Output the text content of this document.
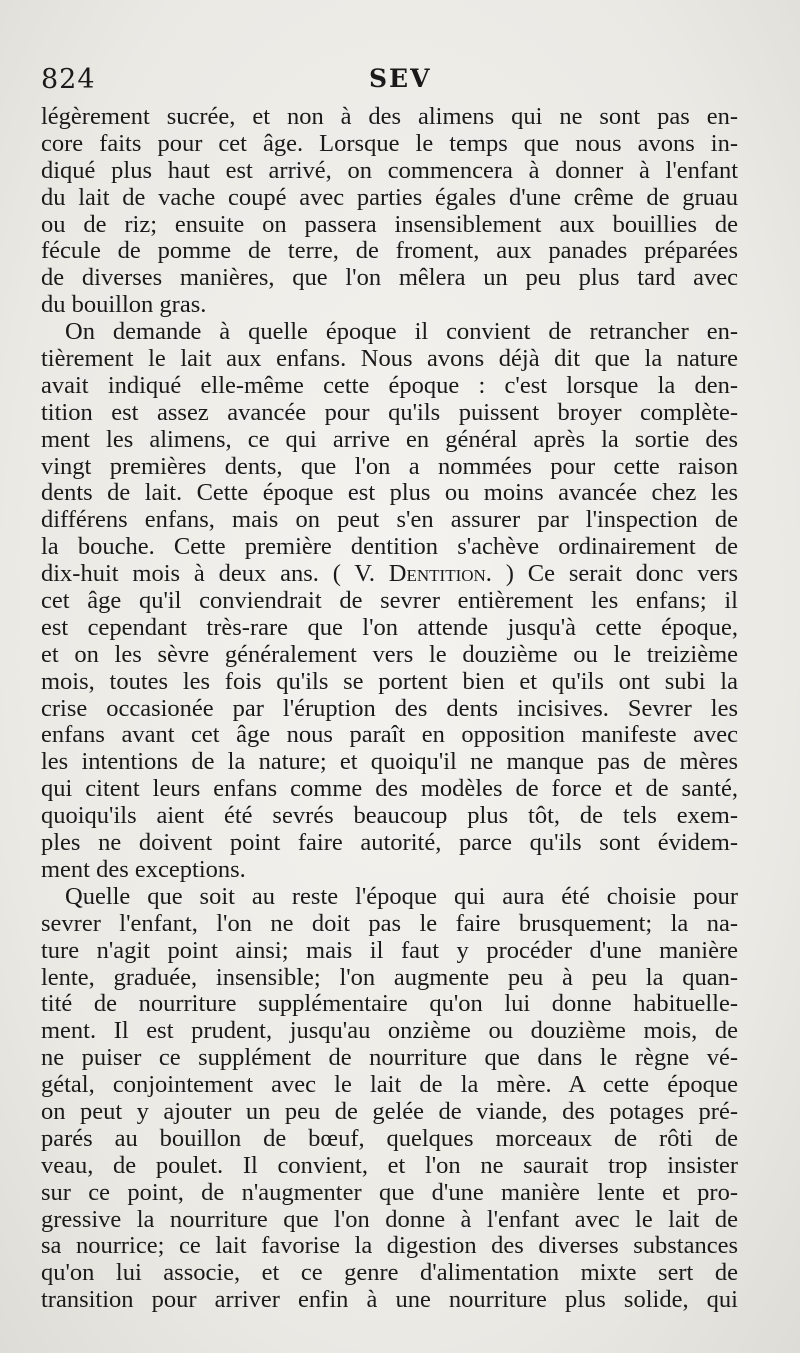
824	SEV
légèrement sucrée, et non à des alimens qui ne sont pas en-
core faits pour cet âge. Lorsque le temps que nous avons in-
diqué plus haut est arrivé, on commencera à donner à l'enfant
du lait de vache coupé avec parties égales d'une crême de gruau
ou de riz; ensuite on passera insensiblement aux bouillies de
fécule de pomme de terre, de froment, aux panades préparées
de diverses manières, que l'on mêlera un peu plus tard avec
du bouillon gras.
On demande à quelle époque il convient de retrancher en-
tièrement le lait aux enfans. Nous avons déjà dit que la nature
avait indiqué elle-même cette époque : c'est lorsque la den-
tition est assez avancée pour qu'ils puissent broyer complète-
ment les alimens, ce qui arrive en général après la sortie des
vingt premières dents, que l'on a nommées pour cette raison
dents de lait. Cette époque est plus ou moins avancée chez les
différens enfans, mais on peut s'en assurer par l'inspection de
la bouche. Cette première dentition s'achève ordinairement de
dix-huit mois à deux ans. ( V. Dentition. ) Ce serait donc vers
cet âge qu'il conviendrait de sevrer entièrement les enfans; il
est cependant très-rare que l'on attende jusqu'à cette époque,
et on les sèvre généralement vers le douzième ou le treizième
mois, toutes les fois qu'ils se portent bien et qu'ils ont subi la
crise occasionée par l'éruption des dents incisives. Sevrer les
enfans avant cet âge nous paraît en opposition manifeste avec
les intentions de la nature; et quoiqu'il ne manque pas de mères
qui citent leurs enfans comme des modèles de force et de santé,
quoiqu'ils aient été sevrés beaucoup plus tôt, de tels exem-
ples ne doivent point faire autorité, parce qu'ils sont évidem-
ment des exceptions.
Quelle que soit au reste l'époque qui aura été choisie pour
sevrer l'enfant, l'on ne doit pas le faire brusquement; la na-
ture n'agit point ainsi; mais il faut y procéder d'une manière
lente, graduée, insensible; l'on augmente peu à peu la quan-
tité de nourriture supplémentaire qu'on lui donne habituelle-
ment. Il est prudent, jusqu'au onzième ou douzième mois, de
ne puiser ce supplément de nourriture que dans le règne vé-
gétal, conjointement avec le lait de la mère. A cette époque
on peut y ajouter un peu de gelée de viande, des potages pré-
parés au bouillon de bœuf, quelques morceaux de rôti de
veau, de poulet. Il convient, et l'on ne saurait trop insister
sur ce point, de n'augmenter que d'une manière lente et pro-
gressive la nourriture que l'on donne à l'enfant avec le lait de
sa nourrice; ce lait favorise la digestion des diverses substances
qu'on lui associe, et ce genre d'alimentation mixte sert de
transition pour arriver enfin à une nourriture plus solide, qui
